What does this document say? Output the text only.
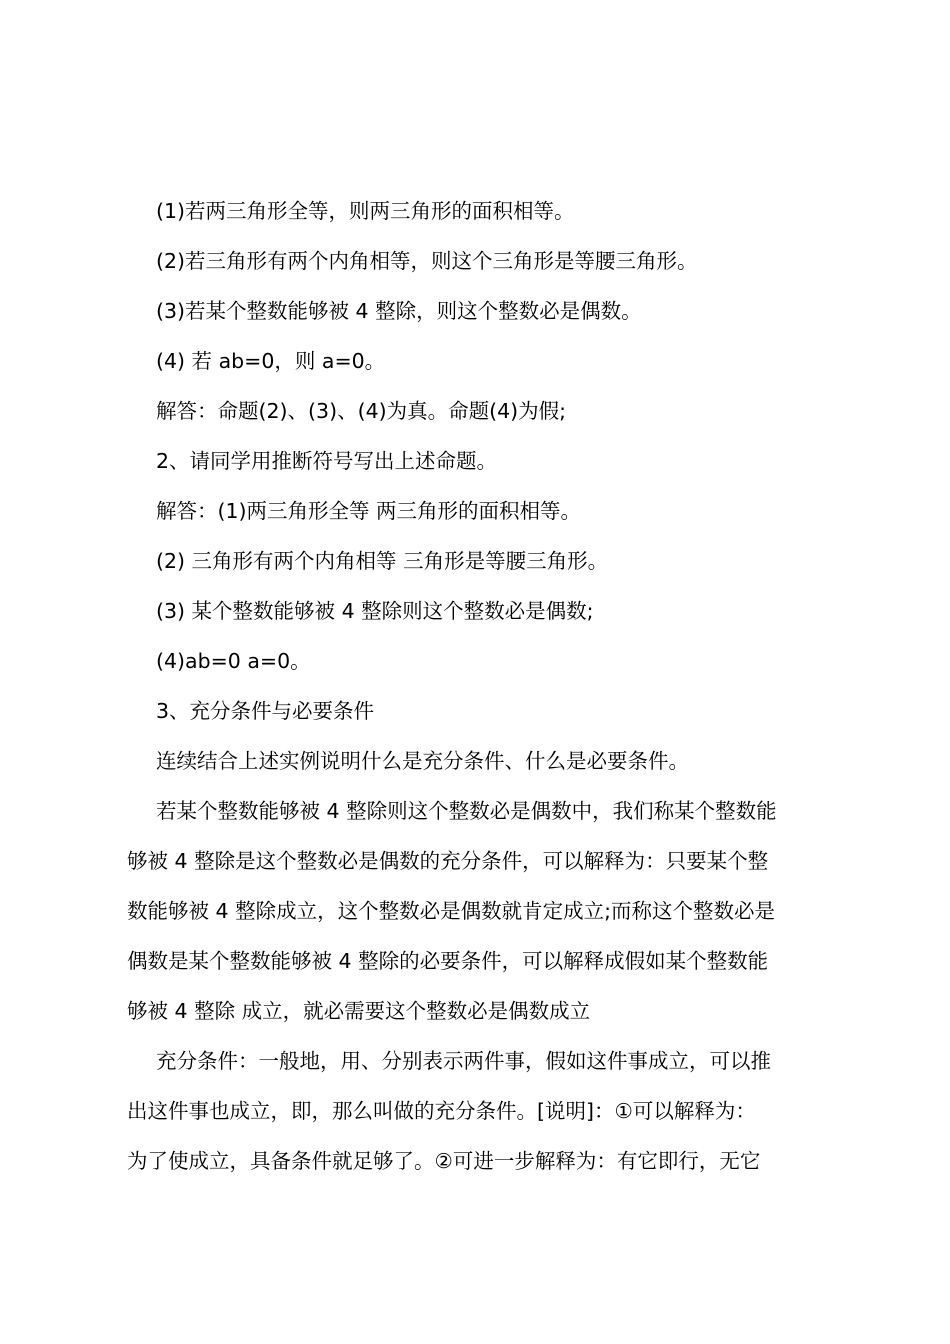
(1)若两三角形全等，则两三角形的面积相等。
(2)若三角形有两个内角相等，则这个三角形是等腰三角形。
(3)若某个整数能够被 4 整除，则这个整数必是偶数。
(4) 若 ab=0，则 a=0。
解答：命题(2)、(3)、(4)为真。命题(4)为假;
2、请同学用推断符号写出上述命题。
解答：(1)两三角形全等 两三角形的面积相等。
(2) 三角形有两个内角相等 三角形是等腰三角形。
(3) 某个整数能够被 4 整除则这个整数必是偶数;
(4)ab=0 a=0。
3、充分条件与必要条件
连续结合上述实例说明什么是充分条件、什么是必要条件。
若某个整数能够被 4 整除则这个整数必是偶数中，我们称某个整数能
够被 4 整除是这个整数必是偶数的充分条件，可以解释为：只要某个整
数能够被 4 整除成立，这个整数必是偶数就肯定成立;而称这个整数必是
偶数是某个整数能够被 4 整除的必要条件，可以解释成假如某个整数能
够被 4 整除 成立，就必需要这个整数必是偶数成立
充分条件：一般地，用、分别表示两件事，假如这件事成立，可以推
出这件事也成立，即，那么叫做的充分条件。[说明]：①可以解释为：
为了使成立，具备条件就足够了。②可进一步解释为：有它即行，无它
